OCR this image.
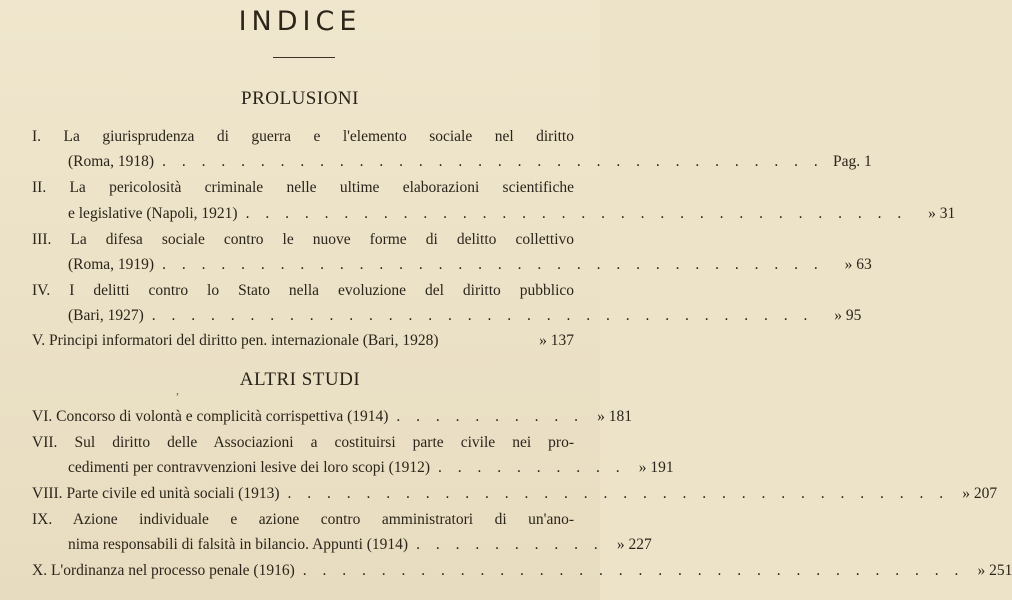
INDICE
PROLUSIONI
I. La giurisprudenza di guerra e l'elemento sociale nel diritto
(Roma, 1918) . . . . . . . . . . . . . . . . . . . . . . . . . . . . . . . . . . Pag. 1
II. La pericolosità criminale nelle ultime elaborazioni scientifiche
e legislative (Napoli, 1921) . . . . . . . . . . . . . . . . . . . . . . . . . . . . . . . . . .	» 31
III. La difesa sociale contro le nuove forme di delitto collettivo
(Roma, 1919) . . . . . . . . . . . . . . . . . . . . . . . . . . . . . . . . . .	» 63
IV. I delitti contro lo Stato nella evoluzione del diritto pubblico
(Bari, 1927) . . . . . . . . . . . . . . . . . . . . . . . . . . . . . . . . . .	» 95
V. Principi informatori del diritto pen. internazionale (Bari, 1928)	» 137
,	ALTRI STUDI
VI. Concorso di volontà e complicità corrispettiva (1914) . . . . . . . . . . » 181
VII. Sul diritto delle Associazioni a costituirsi parte civile nei pro-
cedimenti per contravvenzioni lesive dei loro scopi (1912) . . . . . . . . . . » 191
VIII. Parte civile ed unità sociali (1913) . . . . . . . . . . . . . . . . . . . . . . . . . . . . . . . . . . » 207
IX. Azione individuale e azione contro amministratori di un'ano-
nima responsabili di falsità in bilancio. Appunti (1914) . . . . . . . . . . » 227
X. L'ordinanza nel processo penale (1916) . . . . . . . . . . . . . . . . . . . . . . . . . . . . . . . . . . » 251
